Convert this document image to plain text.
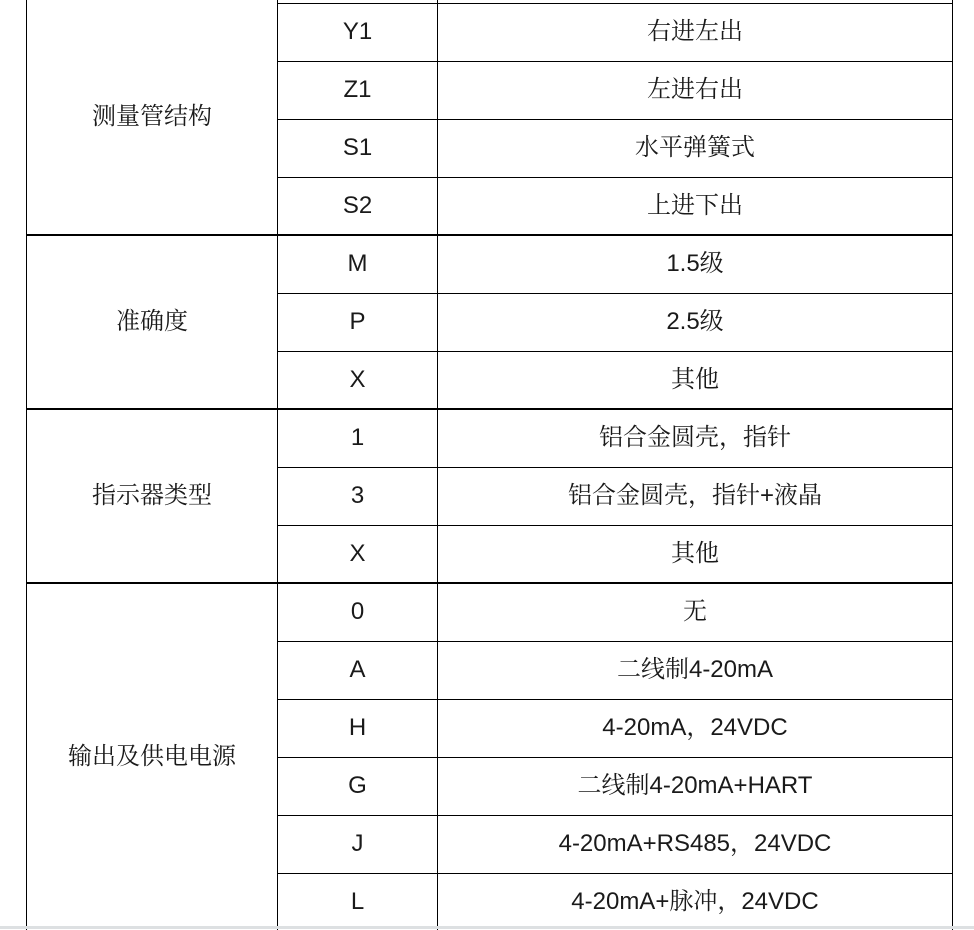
测量管结构		
	Y1	右进左出
	Z1	左进右出
	S1	水平弹簧式
	S2	上进下出
准确度	M	1.5级
	P	2.5级
	X	其他
指示器类型	1	铝合金圆壳，指针
	3	铝合金圆壳，指针+液晶
	X	其他
输出及供电电源	0	无
	A	二线制4-20mA
	H	4-20mA，24VDC
	G	二线制4-20mA+HART
	J	4-20mA+RS485，24VDC
	L	4-20mA+脉冲，24VDC
